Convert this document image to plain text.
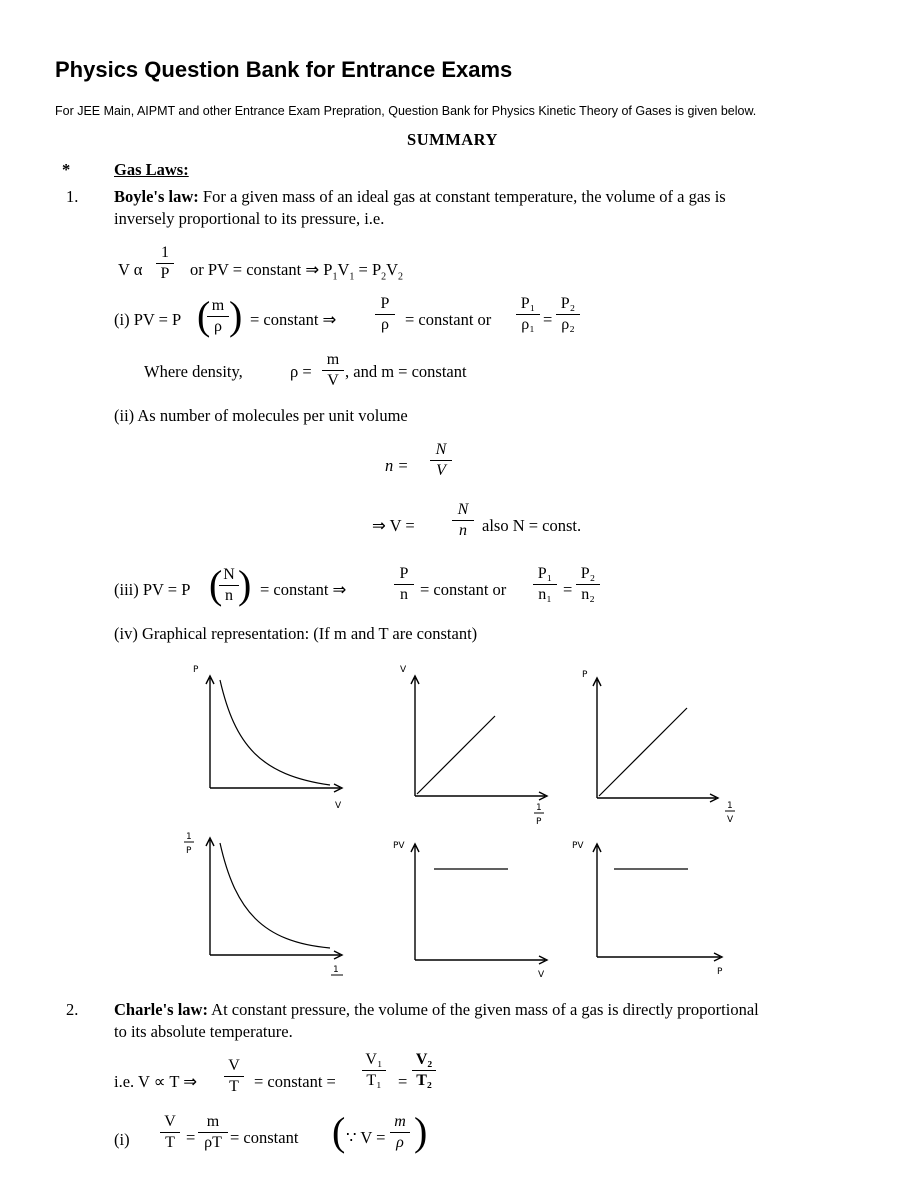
Physics Question Bank for Entrance Exams
For JEE Main, AIPMT and other Entrance Exam Prepration, Question Bank for Physics Kinetic Theory of Gases is given below.
SUMMARY
*	Gas Laws:
1. Boyle's law: For a given mass of an ideal gas at constant temperature, the volume of a gas is
inversely proportional to its pressure, i.e.
V α $\frac{1}{P}$ or PV = constant ⇒ $P_1V_1 = P_2V_2$
(i) PV = P (
$\frac{m}{\rho}$ ) = constant ⇒ $\frac{P}{\rho}$ = constant or $\frac{\text{P₁}}{\text{ρ₁}} = \frac{\text{P₂}}{\text{ρ₂}}$
Where density,	$\rho = \frac{m}{V}$ , and m = constant
(ii) As number of molecules per unit volume
$n = \frac{N}{V}$
⇒ $V = \frac{N}{n}$ also N = const.
(iii) PV = P (
$\frac{N}{n}$ ) = constant ⇒	$\frac{P}{n}$ = constant or $\frac{\text{P₁}}{\text{n₁}} = \frac{\text{P₂}}{\text{n₂}}$
(iv) Graphical representation: (If m and T are constant)
P
V
V
1
P
P
1
V
1
P
1
PV
V
PV
P
2. Charle's law: At constant pressure, the volume of the given mass of a gas is directly proportional
to its absolute temperature.
i.e. V ∝ T ⇒ $\frac{V}{T}$ = constant = $\frac{\text{V₁}}{\text{T₁}} = \frac{\text{V₂}}{\text{T₂}}$
$(i) \frac{V}{T} = \frac{m}{\rho T}$ = constant ( ∵ $V = \frac{m}{\rho}$ )
